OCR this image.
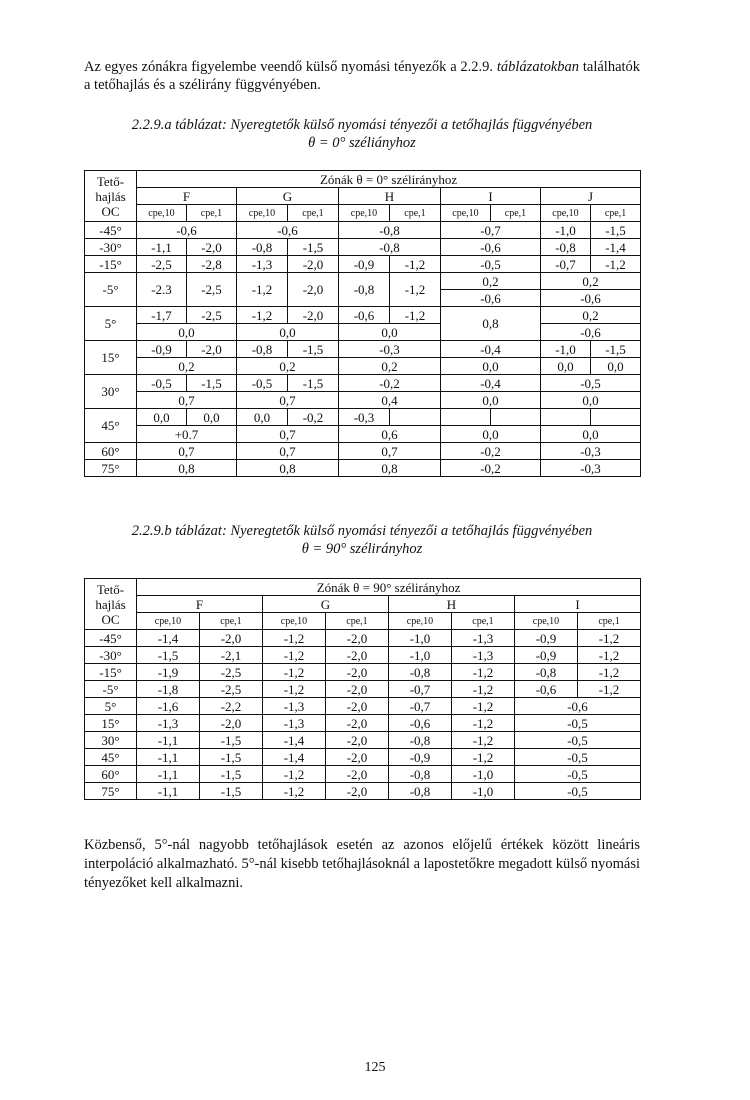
Az egyes zónákra figyelembe veendő külső nyomási tényezők a 2.2.9. táblázatokban találhatók a tetőhajlás és a szélirány függvényében.
2.2.9.a táblázat: Nyeregtetők külső nyomási tényezői a tetőhajlás függvényében
θ = 0° széliányhoz
Tető-
hajlás
OC	Zónák θ = 0° szélirányhoz									
	F		G		H		I		J	
	cpe,10	cpe,1	cpe,10	cpe,1	cpe,10	cpe,1	cpe,10	cpe,1	cpe,10	cpe,1
-45°	-0,6		-0,6		-0,8		-0,7		-1,0	-1,5
-30°	-1,1	-2,0	-0,8	-1,5	-0,8		-0,6		-0,8	-1,4
-15°	-2,5	-2,8	-1,3	-2,0	-0,9	-1,2	-0,5		-0,7	-1,2
-5°	-2.3	-2,5	-1,2	-2,0	-0,8	-1,2	0,2		0,2	
							-0,6		-0,6	
5°	-1,7	-2,5	-1,2	-2,0	-0,6	-1,2	0,8		0,2	
	0,0		0,0		0,0				-0,6	
15°	-0,9	-2,0	-0,8	-1,5	-0,3		-0,4		-1,0	-1,5
	0,2		0,2		0,2		0,0		0,0	0,0
30°	-0,5	-1,5	-0,5	-1,5	-0,2		-0,4		-0,5	
	0,7		0,7		0,4		0,0		0,0	
45°	0,0	0,0	0,0	-0,2	-0,3					
	+0.7		0,7		0,6		0,0		0,0	
60°	0,7		0,7		0,7		-0,2		-0,3	
75°	0,8		0,8		0,8		-0,2		-0,3	
2.2.9.b táblázat: Nyeregtetők külső nyomási tényezői a tetőhajlás függvényében
θ = 90° szélirányhoz
Tető-
hajlás
OC	Zónák θ = 90° szélirányhoz							
	F		G		H		I	
	cpe,10	cpe,1	cpe,10	cpe,1	cpe,10	cpe,1	cpe,10	cpe,1
-45°	-1,4	-2,0	-1,2	-2,0	-1,0	-1,3	-0,9	-1,2
-30°	-1,5	-2,1	-1,2	-2,0	-1,0	-1,3	-0,9	-1,2
-15°	-1,9	-2,5	-1,2	-2,0	-0,8	-1,2	-0,8	-1,2
-5°	-1,8	-2,5	-1,2	-2,0	-0,7	-1,2	-0,6	-1,2
5°	-1,6	-2,2	-1,3	-2,0	-0,7	-1,2	-0,6	
15°	-1,3	-2,0	-1,3	-2,0	-0,6	-1,2	-0,5	
30°	-1,1	-1,5	-1,4	-2,0	-0,8	-1,2	-0,5	
45°	-1,1	-1,5	-1,4	-2,0	-0,9	-1,2	-0,5	
60°	-1,1	-1,5	-1,2	-2,0	-0,8	-1,0	-0,5	
75°	-1,1	-1,5	-1,2	-2,0	-0,8	-1,0	-0,5	
Közbenső, 5°-nál nagyobb tetőhajlások esetén az azonos előjelű értékek között lineáris interpoláció alkalmazható. 5°-nál kisebb tetőhajlásoknál a lapostetőkre megadott külső nyomási tényezőket kell alkalmazni.
125
